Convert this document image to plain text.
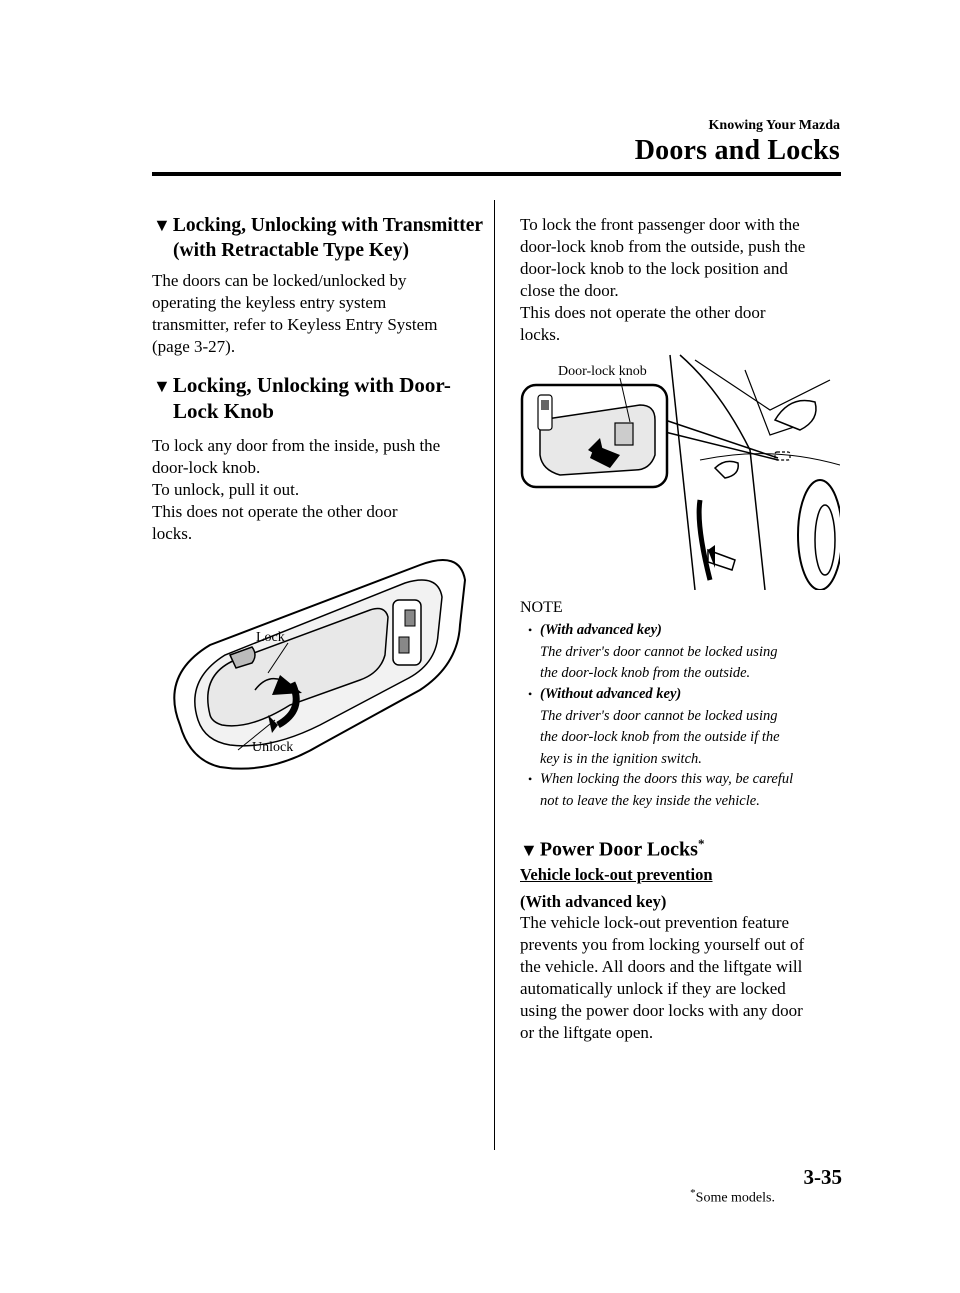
Knowing Your Mazda
Doors and Locks
▼ Locking, Unlocking with Transmitter
(with Retractable Type Key)
The doors can be locked/unlocked by
operating the keyless entry system
transmitter, refer to Keyless Entry System
(page 3-27).
▼Locking, Unlocking with Door-
Lock Knob
To lock any door from the inside, push the
door-lock knob.
To unlock, pull it out.
This does not operate the other door
locks.
Lock
Unlock
To lock the front passenger door with the
door-lock knob from the outside, push the
door-lock knob to the lock position and
close the door.
This does not operate the other door
locks.
Door-lock knob
NOTE
• (With advanced key)
The driver's door cannot be locked using
the door-lock knob from the outside.
• (Without advanced key)
The driver's door cannot be locked using
the door-lock knob from the outside if the
key is in the ignition switch.
• When locking the doors this way, be careful
not to leave the key inside the vehicle.
▼ Power Door Locks*
Vehicle lock-out prevention
(With advanced key)
The vehicle lock-out prevention feature
prevents you from locking yourself out of
the vehicle. All doors and the liftgate will
automatically unlock if they are locked
using the power door locks with any door
or the liftgate open.
*Some models.
3-35
